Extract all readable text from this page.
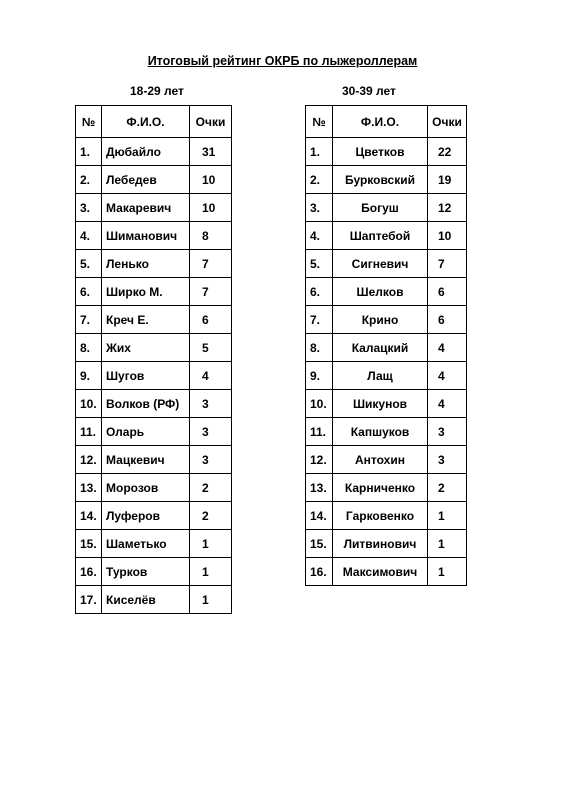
Итоговый рейтинг ОКРБ по лыжероллерам
18-29 лет	30-39 лет
№	Ф.И.О.	Очки
1.	Дюбайло	31
2.	Лебедев	10
3.	Макаревич	10
4.	Шиманович	8
5.	Ленько	7
6.	Ширко М.	7
7.	Креч Е.	6
8.	Жих	5
9.	Шугов	4
10.	Волков (РФ)	3
11.	Оларь	3
12.	Мацкевич	3
13.	Морозов	2
14.	Луферов	2
15.	Шаметько	1
16.	Турков	1
17.	Киселёв	1
№	Ф.И.О.	Очки
1.	Цветков	22
2.	Бурковский	19
3.	Богуш	12
4.	Шаптебой	10
5.	Сигневич	7
6.	Шелков	6
7.	Крино	6
8.	Калацкий	4
9.	Лащ	4
10.	Шикунов	4
11.	Капшуков	3
12.	Антохин	3
13.	Карниченко	2
14.	Гарковенко	1
15.	Литвинович	1
16.	Максимович	1
